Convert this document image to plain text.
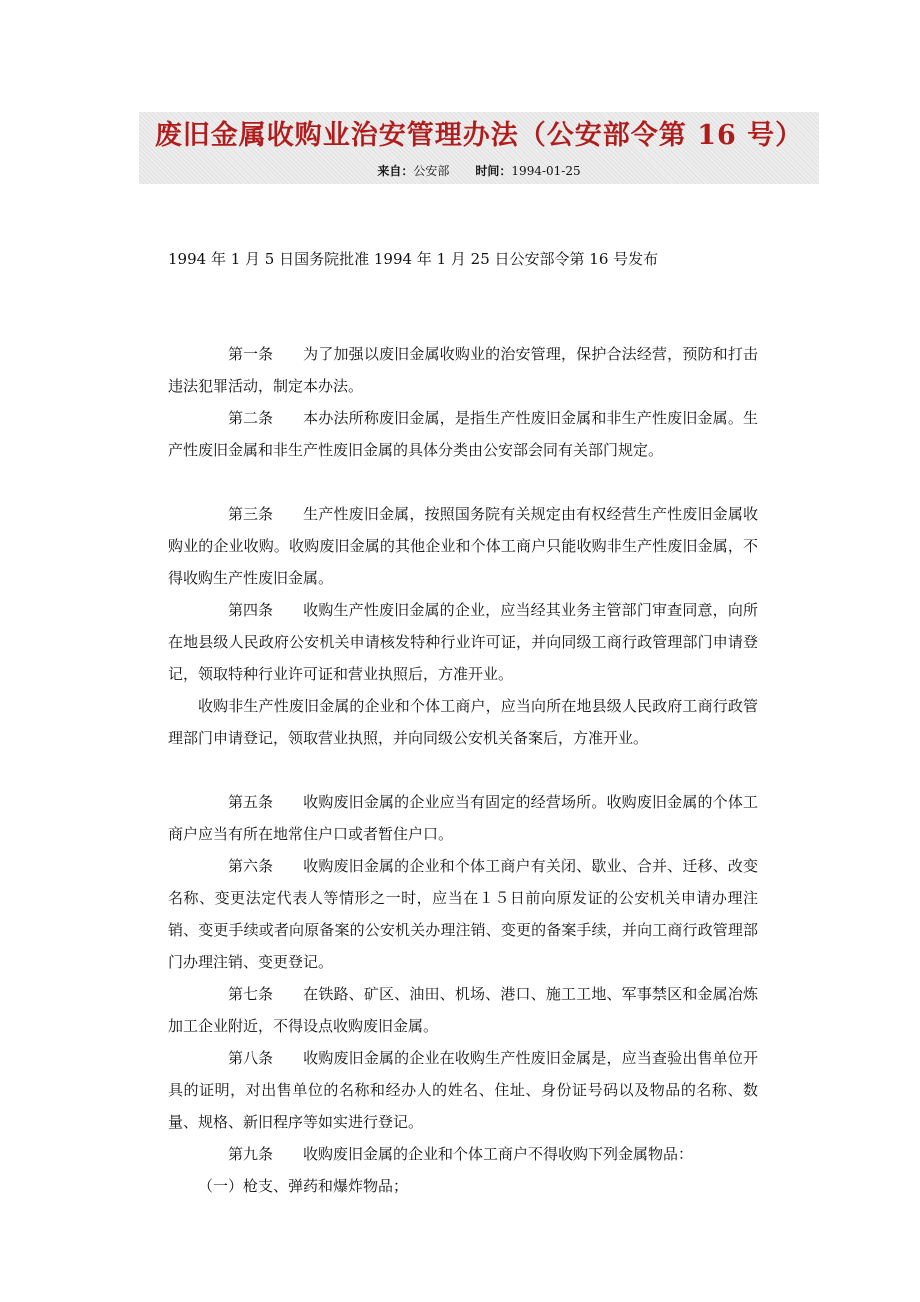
废旧金属收购业治安管理办法（公安部令第 16 号）
来自：公安部 时间：1994-01-25
1994 年 1 月 5 日国务院批准 1994 年 1 月 25 日公安部令第 16 号发布

第一条 为了加强以废旧金属收购业的治安管理，保护合法经营，预防和打击违法犯罪活动，制定本办法。

第二条 本办法所称废旧金属，是指生产性废旧金属和非生产性废旧金属。生产性废旧金属和非生产性废旧金属的具体分类由公安部会同有关部门规定。

第三条 生产性废旧金属，按照国务院有关规定由有权经营生产性废旧金属收购业的企业收购。收购废旧金属的其他企业和个体工商户只能收购非生产性废旧金属，不得收购生产性废旧金属。

第四条 收购生产性废旧金属的企业，应当经其业务主管部门审查同意，向所在地县级人民政府公安机关申请核发特种行业许可证，并向同级工商行政管理部门申请登记，领取特种行业许可证和营业执照后，方准开业。

收购非生产性废旧金属的企业和个体工商户，应当向所在地县级人民政府工商行政管理部门申请登记，领取营业执照，并向同级公安机关备案后，方准开业。

第五条 收购废旧金属的企业应当有固定的经营场所。收购废旧金属的个体工商户应当有所在地常住户口或者暂住户口。

第六条 收购废旧金属的企业和个体工商户有关闭、歇业、合并、迁移、改变名称、变更法定代表人等情形之一时，应当在１５日前向原发证的公安机关申请办理注销、变更手续或者向原备案的公安机关办理注销、变更的备案手续，并向工商行政管理部门办理注销、变更登记。

第七条 在铁路、矿区、油田、机场、港口、施工工地、军事禁区和金属冶炼加工企业附近，不得设点收购废旧金属。

第八条 收购废旧金属的企业在收购生产性废旧金属是，应当查验出售单位开具的证明，对出售单位的名称和经办人的姓名、住址、身份证号码以及物品的名称、数量、规格、新旧程序等如实进行登记。

第九条 收购废旧金属的企业和个体工商户不得收购下列金属物品：

（一）枪支、弹药和爆炸物品；
